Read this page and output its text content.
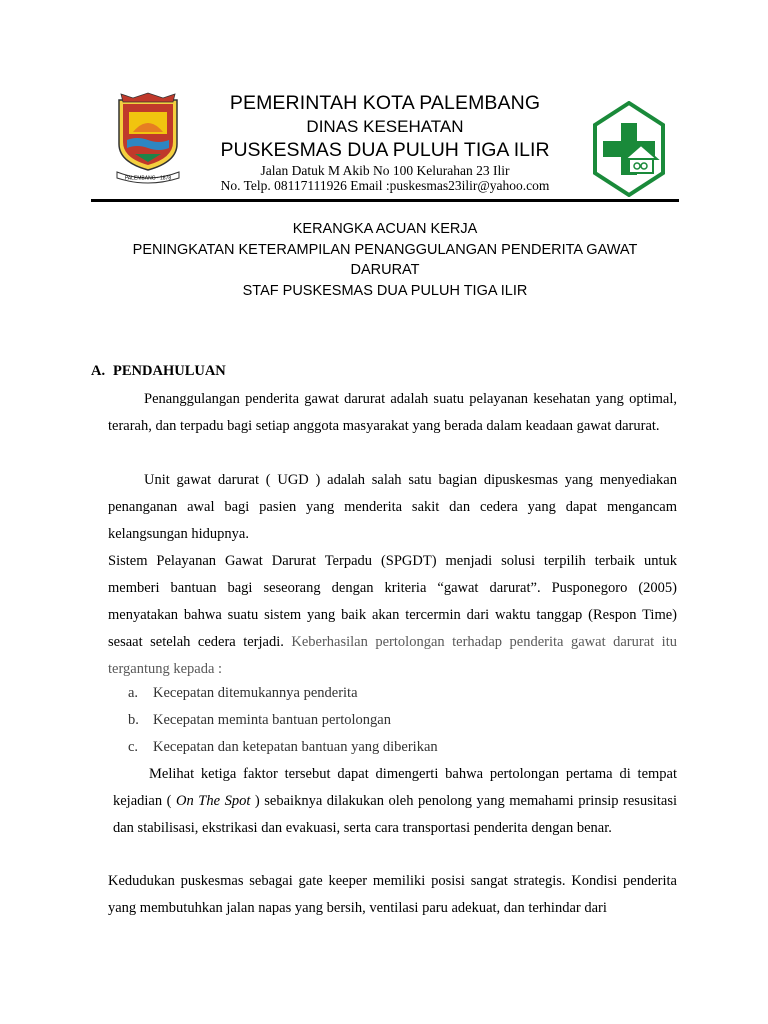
PALEMBANG · 1878
PEMERINTAH KOTA PALEMBANG
DINAS KESEHATAN
PUSKESMAS DUA PULUH TIGA ILIR
Jalan Datuk M Akib No 100 Kelurahan 23 Ilir
No. Telp. 08117111926 Email :puskesmas23ilir@yahoo.com
KERANGKA ACUAN KERJA
PENINGKATAN KETERAMPILAN PENANGGULANGAN PENDERITA GAWAT
DARURAT
STAF PUSKESMAS DUA PULUH TIGA ILIR
A. PENDAHULUAN

Penanggulangan penderita gawat darurat adalah suatu pelayanan kesehatan yang optimal, terarah, dan terpadu bagi setiap anggota masyarakat yang berada dalam keadaan gawat darurat.

Unit gawat darurat ( UGD ) adalah salah satu bagian dipuskesmas yang menyediakan penanganan awal bagi pasien yang menderita sakit dan cedera yang dapat mengancam kelangsungan hidupnya.

Sistem Pelayanan Gawat Darurat Terpadu (SPGDT) menjadi solusi terpilih terbaik untuk memberi bantuan bagi seseorang dengan kriteria “gawat darurat”. Pusponegoro (2005) menyatakan bahwa suatu sistem yang baik akan tercermin dari waktu tanggap (Respon Time) sesaat setelah cedera terjadi. Keberhasilan pertolongan terhadap penderita gawat darurat itu tergantung kepada :

a. Kecepatan ditemukannya penderita
b. Kecepatan meminta bantuan pertolongan
c. Kecepatan dan ketepatan bantuan yang diberikan

Melihat ketiga faktor tersebut dapat dimengerti bahwa pertolongan pertama di tempat kejadian ( On The Spot ) sebaiknya dilakukan oleh penolong yang memahami prinsip resusitasi dan stabilisasi, ekstrikasi dan evakuasi, serta cara transportasi penderita dengan benar.

Kedudukan puskesmas sebagai gate keeper memiliki posisi sangat strategis. Kondisi penderita yang membutuhkan jalan napas yang bersih, ventilasi paru adekuat, dan terhindar dari
